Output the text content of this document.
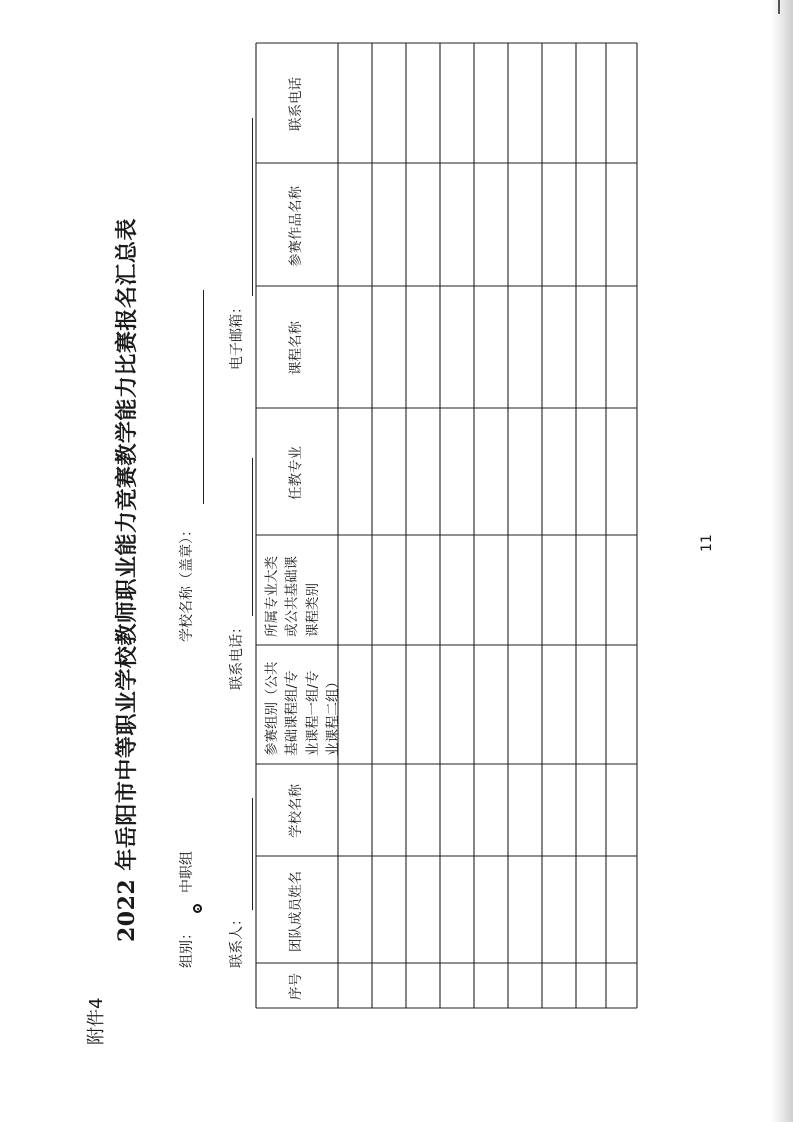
附件4
2022 年岳阳市中等职业学校教师职业能力竞赛教学能力比赛报名汇总表
组别：
中职组
学校名称（盖章）：
联系人：
联系电话：
电子邮箱：
序号
团队成员姓名
学校名称
参赛组别（公共 基础课程组/专 业课程一组/专 业课程二组）
所属专业大类 或公共基础课 课程类别
任教专业
课程名称
参赛作品名称
联系电话
11
